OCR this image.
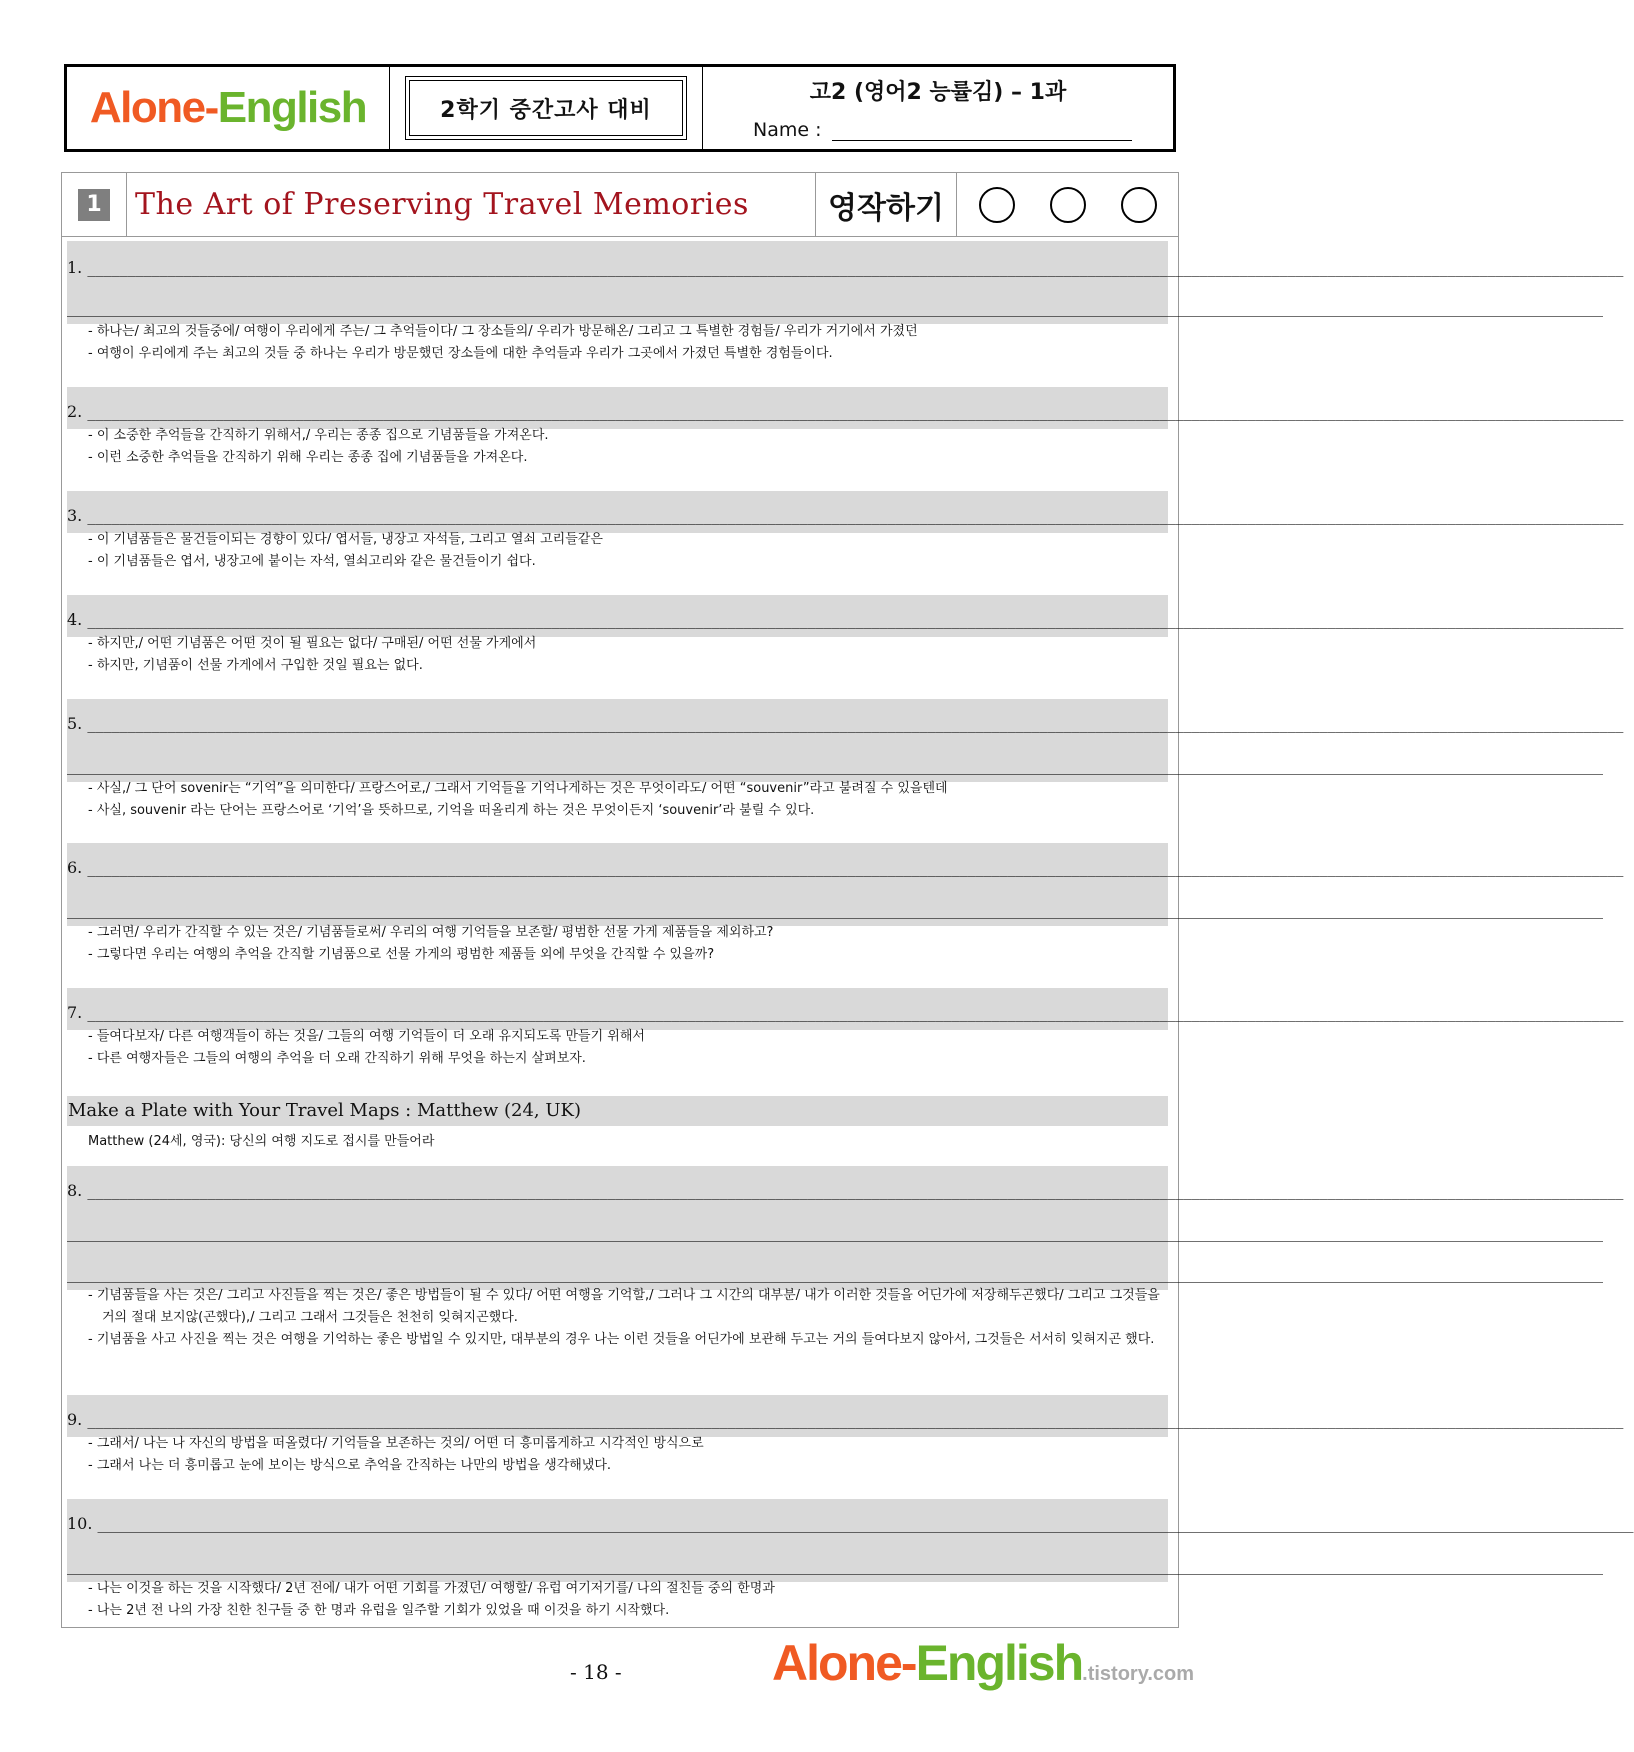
Alone-English	2학기 중간고사 대비
고2 (영어2 능률김) – 1과
Name :
1 The Art of Preserving Travel Memories	영작하기
1. ________________________________________________________________________________________________________________________________________________________________________________________________
________________________________________________________________________________________________________________________________________________________________________________________________
- 하나는/ 최고의 것들중에/ 여행이 우리에게 주는/ 그 추억들이다/ 그 장소들의/ 우리가 방문해온/ 그리고 그 특별한 경험들/ 우리가 거기에서 가졌던
- 여행이 우리에게 주는 최고의 것들 중 하나는 우리가 방문했던 장소들에 대한 추억들과 우리가 그곳에서 가졌던 특별한 경험들이다.
2. ________________________________________________________________________________________________________________________________________________________________________________________________
- 이 소중한 추억들을 간직하기 위해서,/ 우리는 종종 집으로 기념품들을 가져온다.
- 이런 소중한 추억들을 간직하기 위해 우리는 종종 집에 기념품들을 가져온다.
3. ________________________________________________________________________________________________________________________________________________________________________________________________
- 이 기념품들은 물건들이되는 경향이 있다/ 엽서들, 냉장고 자석들, 그리고 열쇠 고리들같은
- 이 기념품들은 엽서, 냉장고에 붙이는 자석, 열쇠고리와 같은 물건들이기 쉽다.
4. ________________________________________________________________________________________________________________________________________________________________________________________________
- 하지만,/ 어떤 기념품은 어떤 것이 될 필요는 없다/ 구매된/ 어떤 선물 가게에서
- 하지만, 기념품이 선물 가게에서 구입한 것일 필요는 없다.
5. ________________________________________________________________________________________________________________________________________________________________________________________________
________________________________________________________________________________________________________________________________________________________________________________________________
- 사실,/ 그 단어 sovenir는 “기억”을 의미한다/ 프랑스어로,/ 그래서 기억들을 기억나게하는 것은 무엇이라도/ 어떤 “souvenir”라고 불려질 수 있을텐데
- 사실, souvenir 라는 단어는 프랑스어로 ‘기억’을 뜻하므로, 기억을 떠올리게 하는 것은 무엇이든지 ‘souvenir’라 불릴 수 있다.
6. ________________________________________________________________________________________________________________________________________________________________________________________________
________________________________________________________________________________________________________________________________________________________________________________________________
- 그러면/ 우리가 간직할 수 있는 것은/ 기념품들로써/ 우리의 여행 기억들을 보존할/ 평범한 선물 가게 제품들을 제외하고?
- 그렇다면 우리는 여행의 추억을 간직할 기념품으로 선물 가게의 평범한 제품들 외에 무엇을 간직할 수 있을까?
7. ________________________________________________________________________________________________________________________________________________________________________________________________
- 들여다보자/ 다른 여행객들이 하는 것을/ 그들의 여행 기억들이 더 오래 유지되도록 만들기 위해서
- 다른 여행자들은 그들의 여행의 추억을 더 오래 간직하기 위해 무엇을 하는지 살펴보자.
Make a Plate with Your Travel Maps : Matthew (24, UK)
Matthew (24세, 영국): 당신의 여행 지도로 접시를 만들어라
8. ________________________________________________________________________________________________________________________________________________________________________________________________
________________________________________________________________________________________________________________________________________________________________________________________________
________________________________________________________________________________________________________________________________________________________________________________________________
- 기념품들을 사는 것은/ 그리고 사진들을 찍는 것은/ 좋은 방법들이 될 수 있다/ 어떤 여행을 기억할,/ 그러나 그 시간의 대부분/ 내가 이러한 것들을 어딘가에 저장해두곤했다/ 그리고 그것들을 거의 절대 보지않(곤했다),/ 그리고 그래서 그것들은 천천히 잊혀지곤했다.
- 기념품을 사고 사진을 찍는 것은 여행을 기억하는 좋은 방법일 수 있지만, 대부분의 경우 나는 이런 것들을 어딘가에 보관해 두고는 거의 들여다보지 않아서, 그것들은 서서히 잊혀지곤 했다.
9. ________________________________________________________________________________________________________________________________________________________________________________________________
- 그래서/ 나는 나 자신의 방법을 떠올렸다/ 기억들을 보존하는 것의/ 어떤 더 흥미롭게하고 시각적인 방식으로
- 그래서 나는 더 흥미롭고 눈에 보이는 방식으로 추억을 간직하는 나만의 방법을 생각해냈다.
10. ________________________________________________________________________________________________________________________________________________________________________________________________
________________________________________________________________________________________________________________________________________________________________________________________________
- 나는 이것을 하는 것을 시작했다/ 2년 전에/ 내가 어떤 기회를 가졌던/ 여행할/ 유럽 여기저기를/ 나의 절친들 중의 한명과
- 나는 2년 전 나의 가장 친한 친구들 중 한 명과 유럽을 일주할 기회가 있었을 때 이것을 하기 시작했다.
- 18 -	Alone-English.tistory.com
